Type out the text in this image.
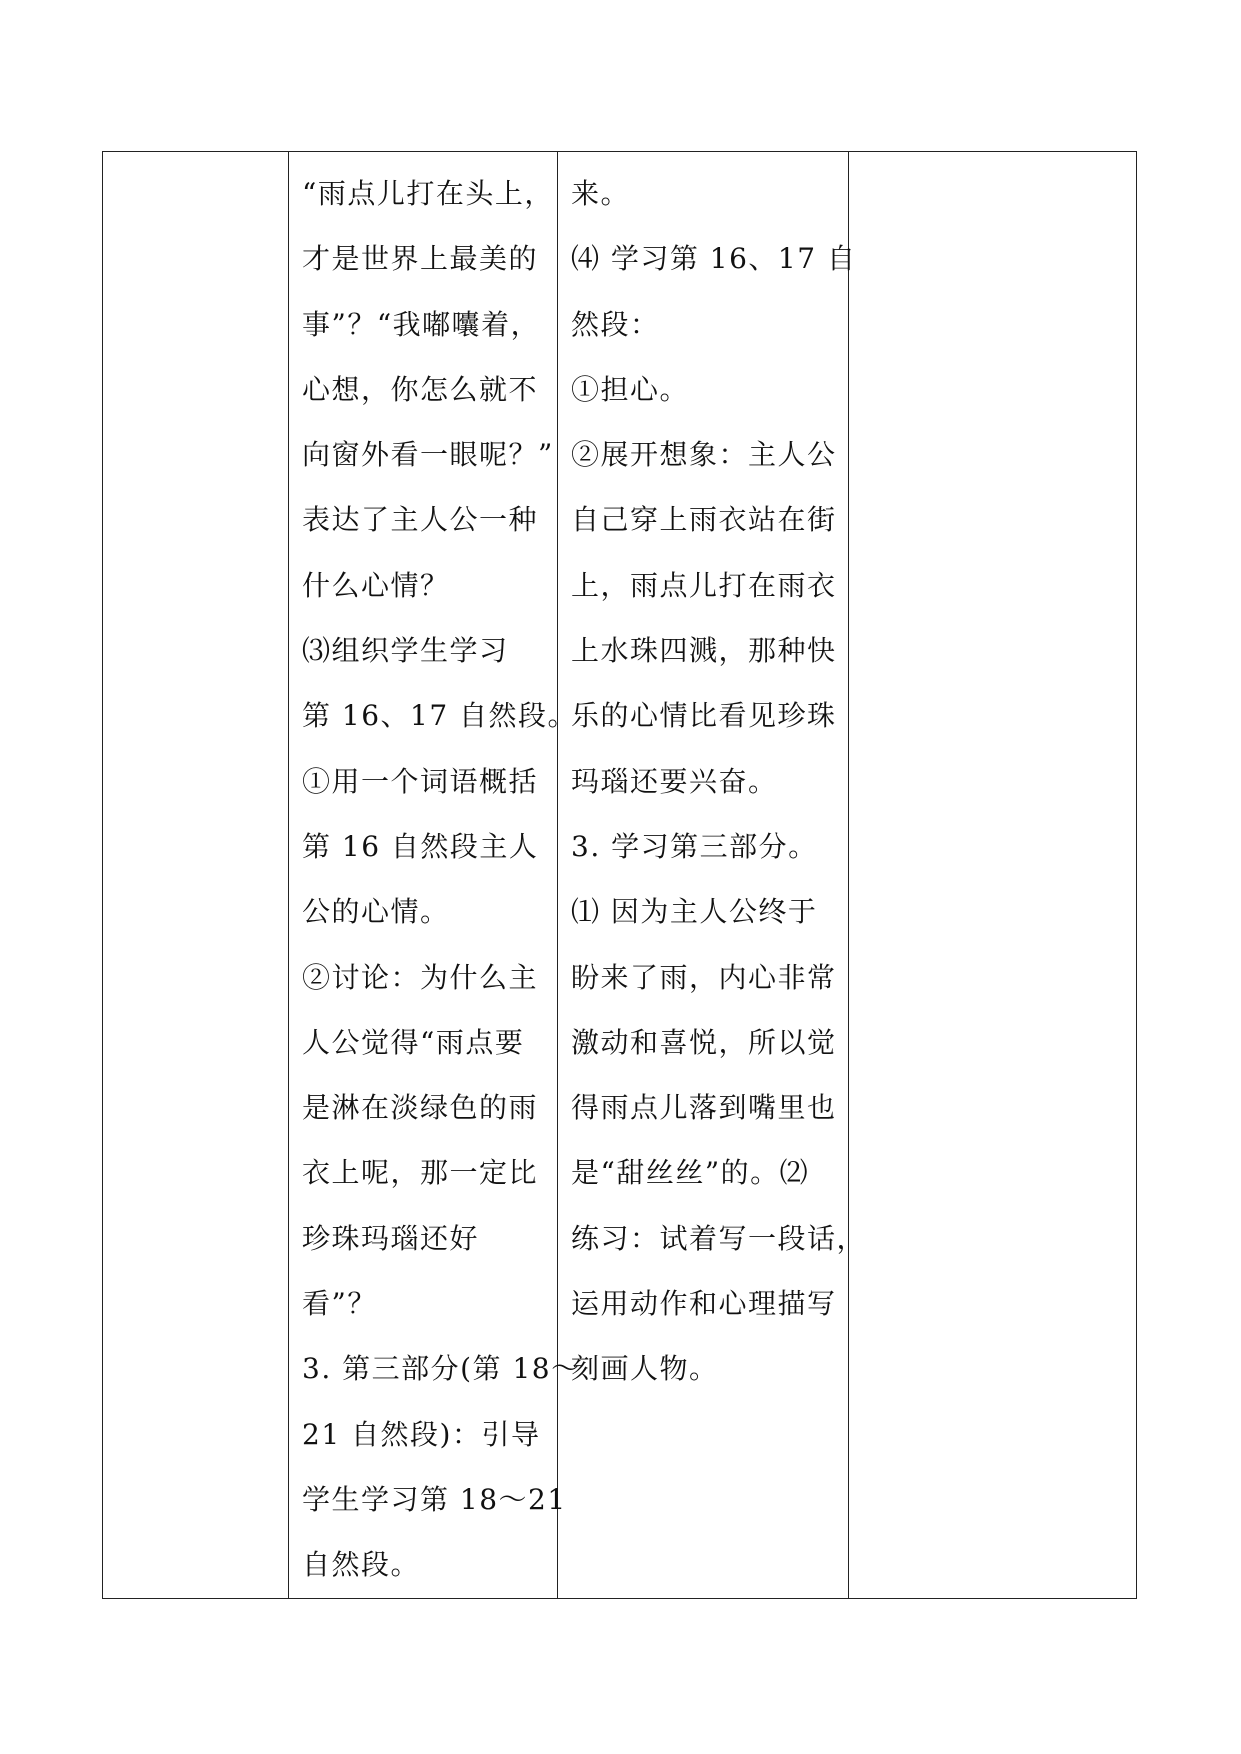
“雨点儿打在头上，
才是世界上最美的
事”？“我嘟囔着，
心想，你怎么就不
向窗外看一眼呢？”
表达了主人公一种
什么心情？
⑶组织学生学习
第 16、17 自然段。
①用一个词语概括
第 16 自然段主人
公的心情。
②讨论：为什么主
人公觉得“雨点要
是淋在淡绿色的雨
衣上呢，那一定比
珍珠玛瑙还好
看”？
3. 第三部分(第 18～
21 自然段)：引导
学生学习第 18～21
自然段。

来。
⑷ 学习第 16、17 自
然段：
①担心。
②展开想象：主人公
自己穿上雨衣站在街
上，雨点儿打在雨衣
上水珠四溅，那种快
乐的心情比看见珍珠
玛瑙还要兴奋。
3. 学习第三部分。
⑴ 因为主人公终于
盼来了雨，内心非常
激动和喜悦，所以觉
得雨点儿落到嘴里也
是“甜丝丝”的。⑵
练习：试着写一段话，
运用动作和心理描写
刻画人物。
